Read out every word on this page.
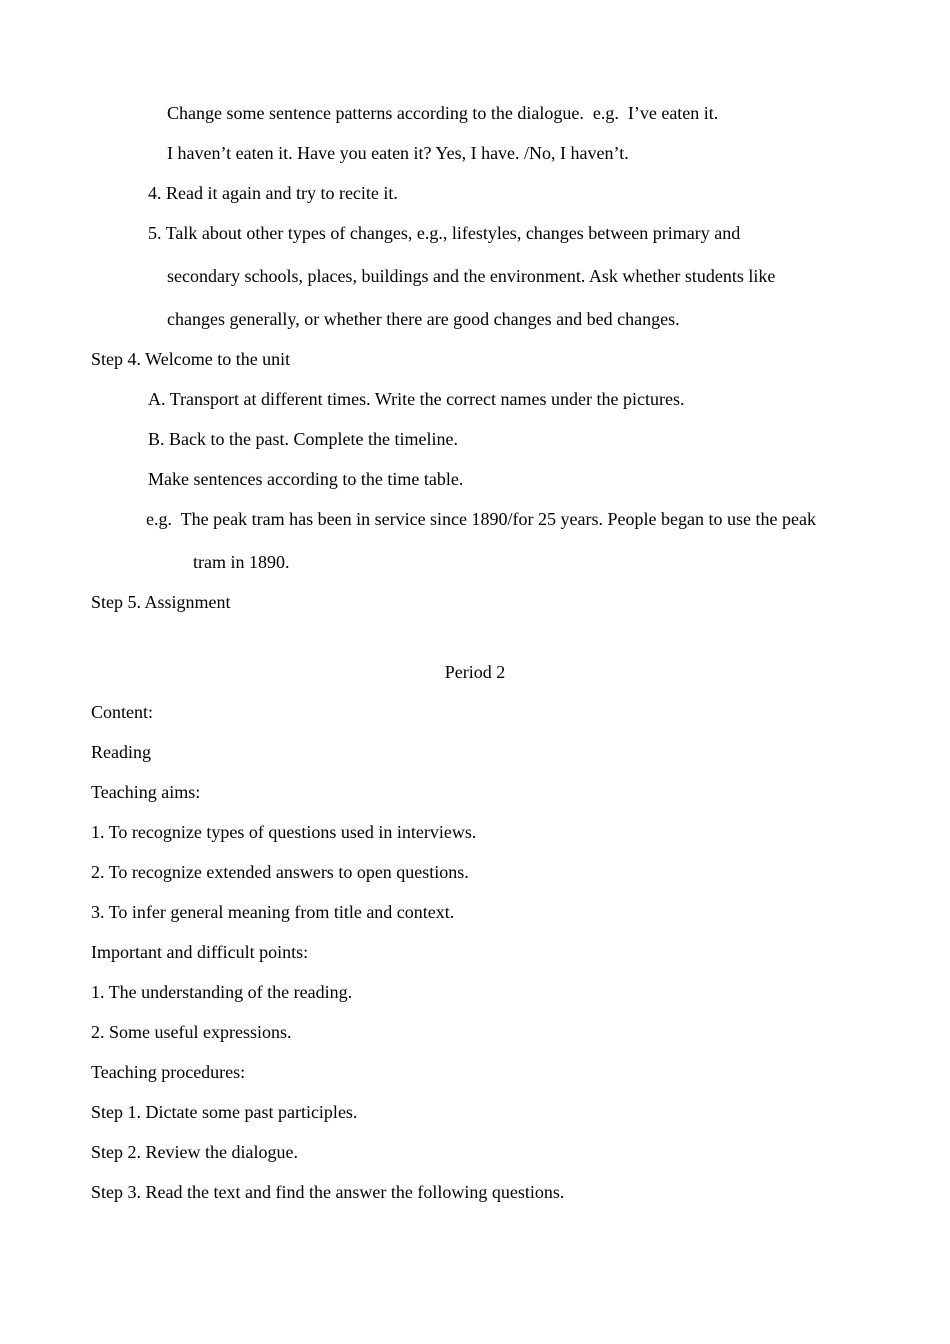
Change some sentence patterns according to the dialogue.  e.g.  I’ve eaten it.
I haven’t eaten it. Have you eaten it? Yes, I have. /No, I haven’t.
4. Read it again and try to recite it.
5. Talk about other types of changes, e.g., lifestyles, changes between primary and
secondary schools, places, buildings and the environment. Ask whether students like
changes generally, or whether there are good changes and bed changes.
Step 4. Welcome to the unit
A. Transport at different times. Write the correct names under the pictures.
B. Back to the past. Complete the timeline.
Make sentences according to the time table.
e.g.  The peak tram has been in service since 1890/for 25 years. People began to use the peak
tram in 1890.
Step 5. Assignment
Period 2
Content:
Reading
Teaching aims:
1. To recognize types of questions used in interviews.
2. To recognize extended answers to open questions.
3. To infer general meaning from title and context.
Important and difficult points:
1. The understanding of the reading.
2. Some useful expressions.
Teaching procedures:
Step 1. Dictate some past participles.
Step 2. Review the dialogue.
Step 3. Read the text and find the answer the following questions.
